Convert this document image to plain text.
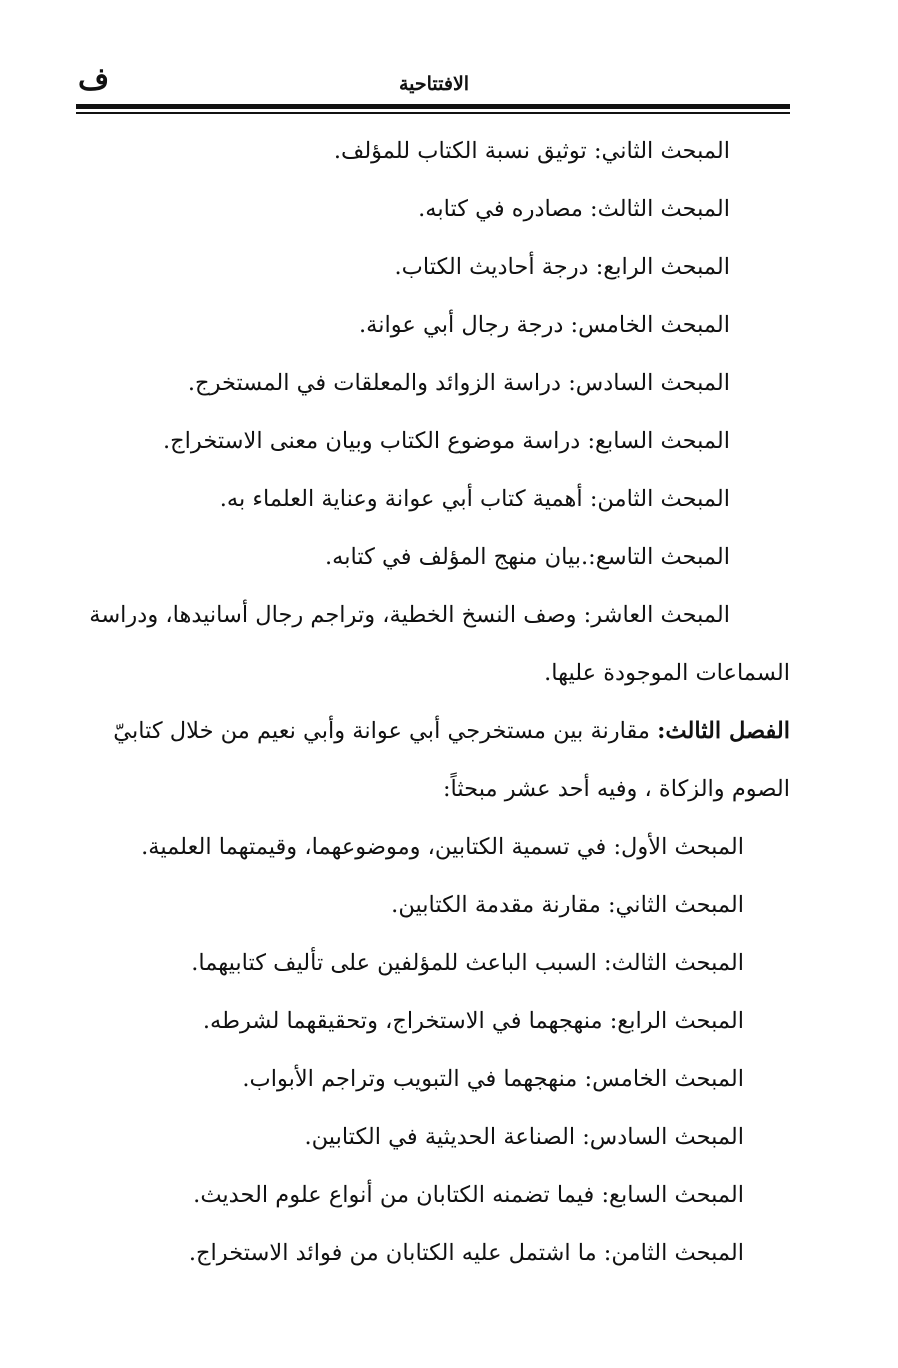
ف	الافتتاحية
المبحث الثاني: توثيق نسبة الكتاب للمؤلف.
المبحث الثالث: مصادره في كتابه.
المبحث الرابع: درجة أحاديث الكتاب.
المبحث الخامس: درجة رجال أبي عوانة.
المبحث السادس: دراسة الزوائد والمعلقات في المستخرج.
المبحث السابع: دراسة موضوع الكتاب وبيان معنى الاستخراج.
المبحث الثامن: أهمية كتاب أبي عوانة وعناية العلماء به.
المبحث التاسع:.بيان منهج المؤلف في كتابه.
المبحث العاشر: وصف النسخ الخطية، وتراجم رجال أسانيدها، ودراسة
السماعات الموجودة عليها.
الفصل الثالث: مقارنة بين مستخرجي أبي عوانة وأبي نعيم من خلال كتابيّ
الصوم والزكاة ، وفيه أحد عشر مبحثاً:
المبحث الأول: في تسمية الكتابين، وموضوعهما، وقيمتهما العلمية.
المبحث الثاني: مقارنة مقدمة الكتابين.
المبحث الثالث: السبب الباعث للمؤلفين على تأليف كتابيهما.
المبحث الرابع: منهجهما في الاستخراج، وتحقيقهما لشرطه.
المبحث الخامس: منهجهما في التبويب وتراجم الأبواب.
المبحث السادس: الصناعة الحديثية في الكتابين.
المبحث السابع: فيما تضمنه الكتابان من أنواع علوم الحديث.
المبحث الثامن: ما اشتمل عليه الكتابان من فوائد الاستخراج.
